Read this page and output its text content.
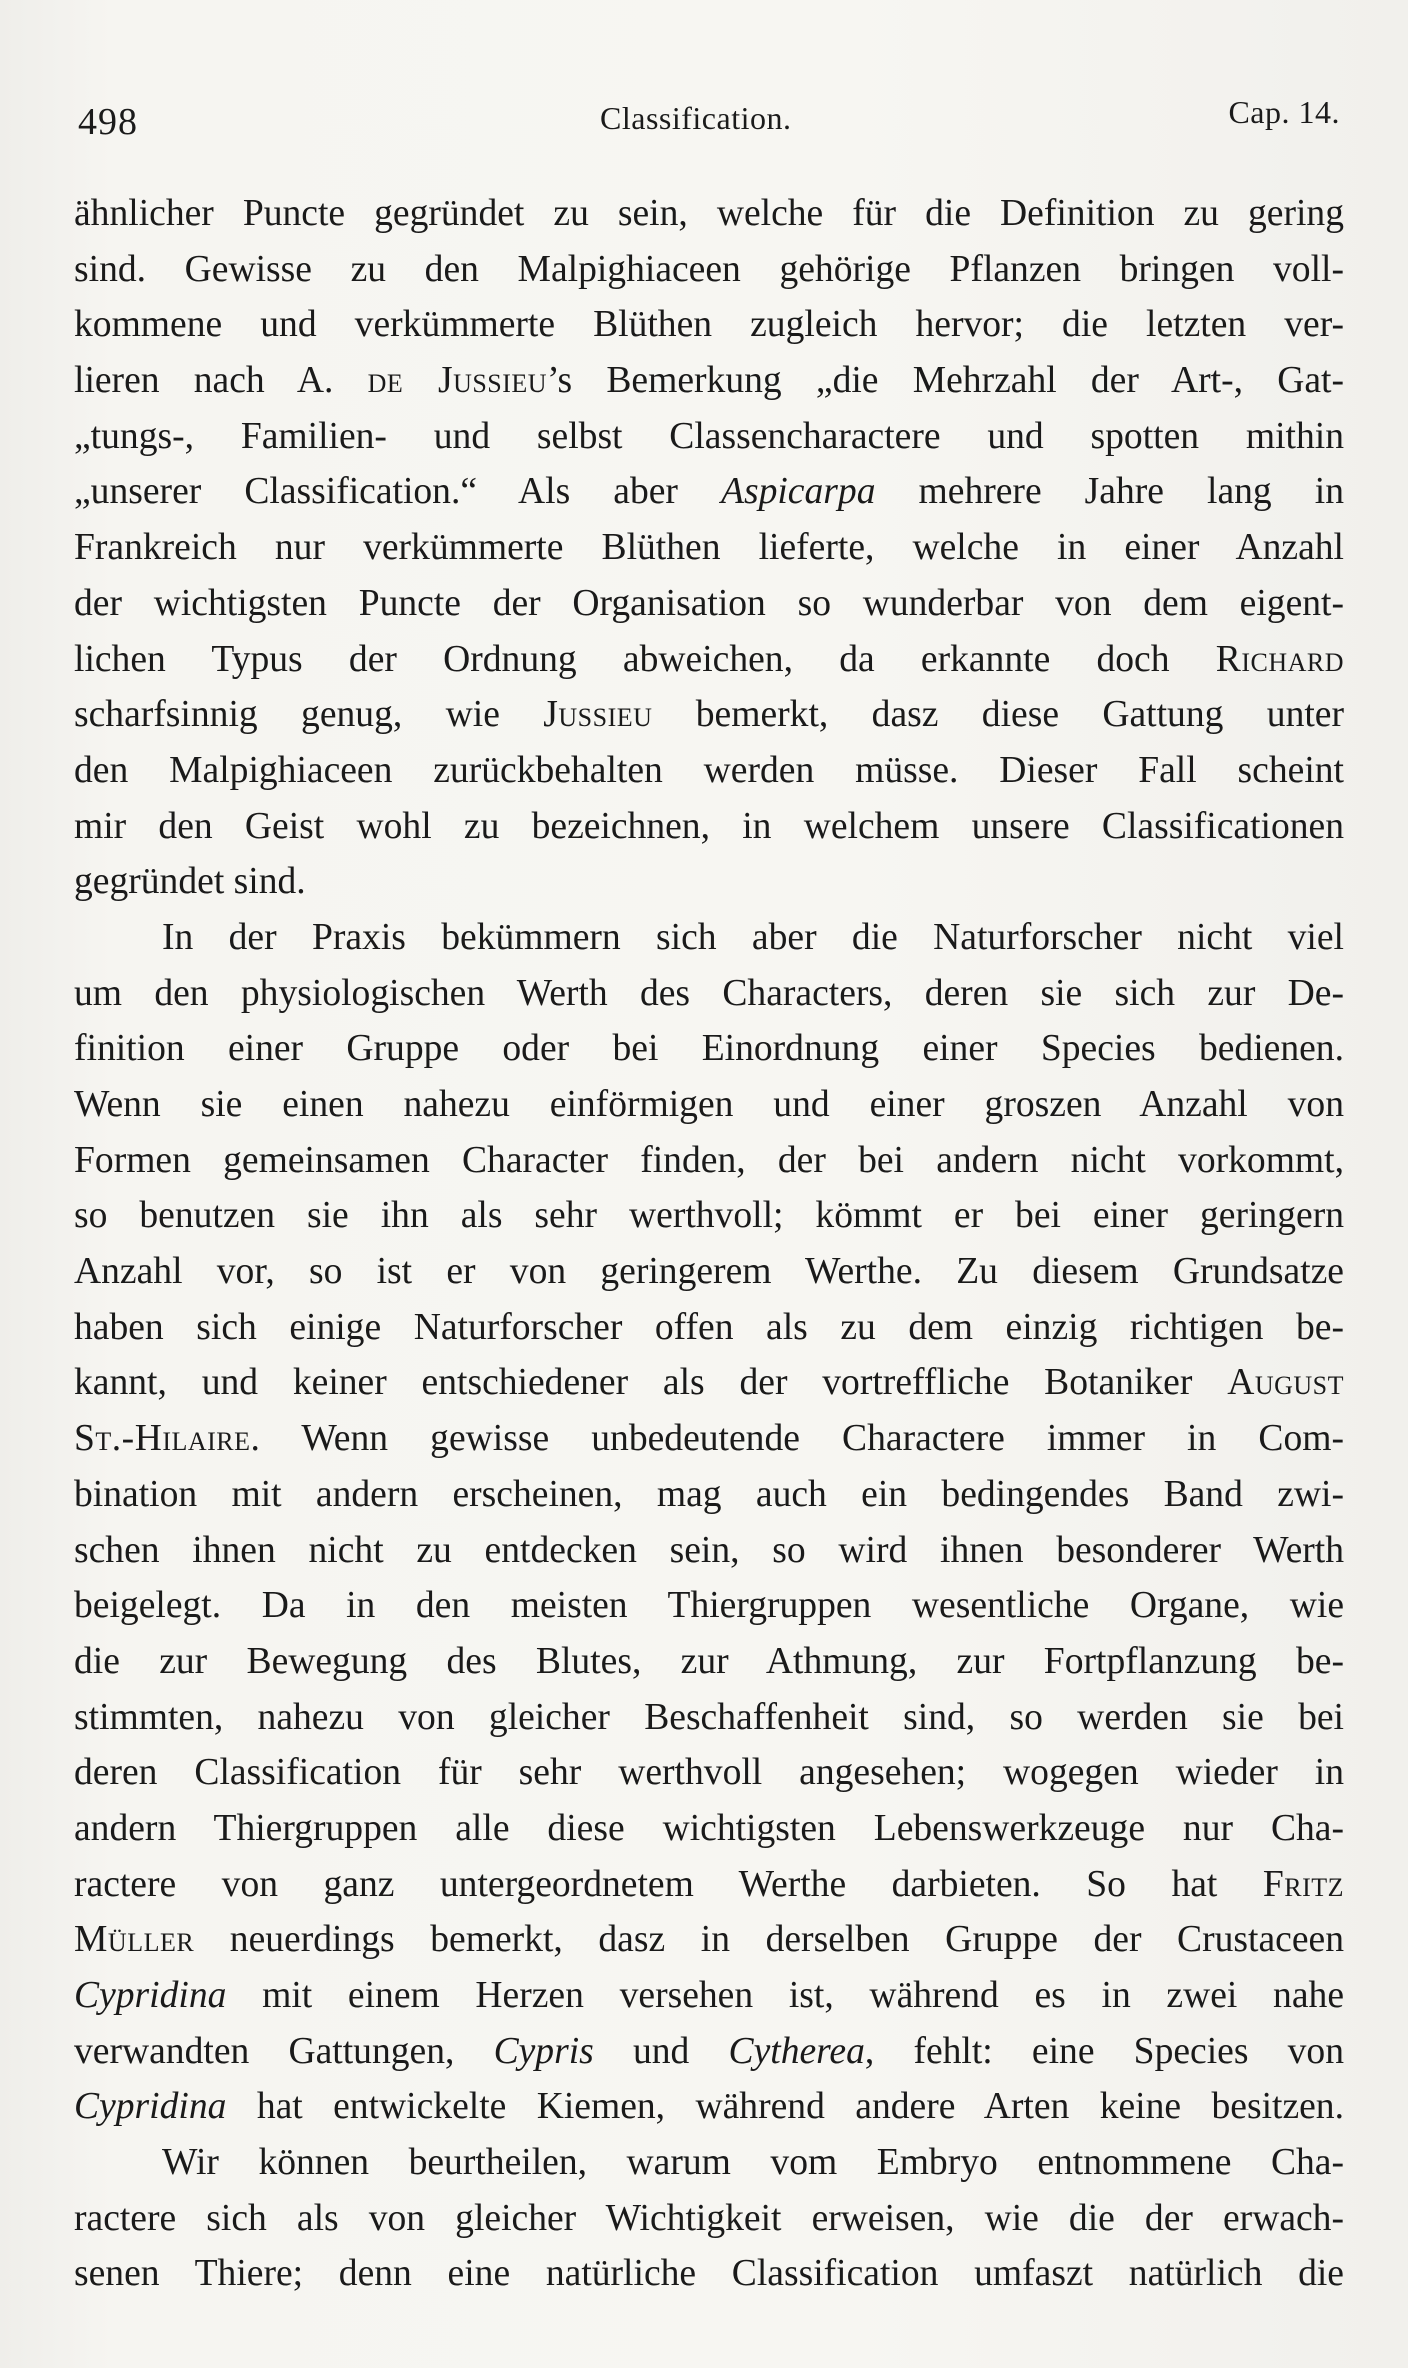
498	Classification.	Cap. 14.
ähnlicher Puncte gegründet zu sein, welche für die Definition zu gering
sind. Gewisse zu den Malpighiaceen gehörige Pflanzen bringen voll-
kommene und verkümmerte Blüthen zugleich hervor; die letzten ver-
lieren nach A. de Jussieu’s Bemerkung „die Mehrzahl der Art-, Gat-
„tungs-, Familien- und selbst Classencharactere und spotten mithin
„unserer Classification.“ Als aber Aspicarpa mehrere Jahre lang in
Frankreich nur verkümmerte Blüthen lieferte, welche in einer Anzahl
der wichtigsten Puncte der Organisation so wunderbar von dem eigent-
lichen Typus der Ordnung abweichen, da erkannte doch Richard
scharfsinnig genug, wie Jussieu bemerkt, dasz diese Gattung unter
den Malpighiaceen zurückbehalten werden müsse. Dieser Fall scheint
mir den Geist wohl zu bezeichnen, in welchem unsere Classificationen
gegründet sind.
In der Praxis bekümmern sich aber die Naturforscher nicht viel
um den physiologischen Werth des Characters, deren sie sich zur De-
finition einer Gruppe oder bei Einordnung einer Species bedienen.
Wenn sie einen nahezu einförmigen und einer groszen Anzahl von
Formen gemeinsamen Character finden, der bei andern nicht vorkommt,
so benutzen sie ihn als sehr werthvoll; kömmt er bei einer geringern
Anzahl vor, so ist er von geringerem Werthe. Zu diesem Grundsatze
haben sich einige Naturforscher offen als zu dem einzig richtigen be-
kannt, und keiner entschiedener als der vortreffliche Botaniker August
St.-Hilaire. Wenn gewisse unbedeutende Charactere immer in Com-
bination mit andern erscheinen, mag auch ein bedingendes Band zwi-
schen ihnen nicht zu entdecken sein, so wird ihnen besonderer Werth
beigelegt. Da in den meisten Thiergruppen wesentliche Organe, wie
die zur Bewegung des Blutes, zur Athmung, zur Fortpflanzung be-
stimmten, nahezu von gleicher Beschaffenheit sind, so werden sie bei
deren Classification für sehr werthvoll angesehen; wogegen wieder in
andern Thiergruppen alle diese wichtigsten Lebenswerkzeuge nur Cha-
ractere von ganz untergeordnetem Werthe darbieten. So hat Fritz
Müller neuerdings bemerkt, dasz in derselben Gruppe der Crustaceen
Cypridina mit einem Herzen versehen ist, während es in zwei nahe
verwandten Gattungen, Cypris und Cytherea, fehlt: eine Species von
Cypridina hat entwickelte Kiemen, während andere Arten keine besitzen.
Wir können beurtheilen, warum vom Embryo entnommene Cha-
ractere sich als von gleicher Wichtigkeit erweisen, wie die der erwach-
senen Thiere; denn eine natürliche Classification umfaszt natürlich die
